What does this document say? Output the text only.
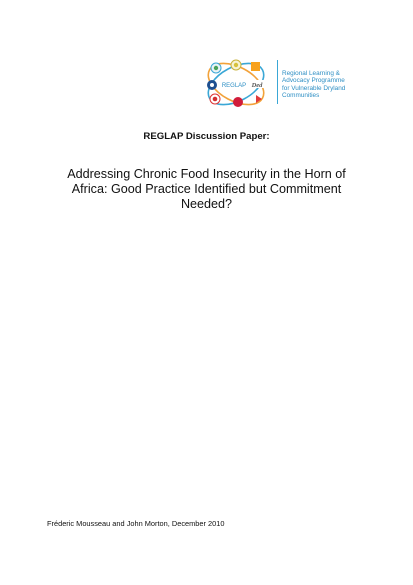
Ded
·
REGLAP
Regional Learning &
Advocacy Programme
for Vulnerable Dryland
Communities
REGLAP Discussion Paper:
Addressing Chronic Food Insecurity in the Horn of
Africa: Good Practice Identified but Commitment
Needed?
Fréderic Mousseau and John Morton, December 2010
